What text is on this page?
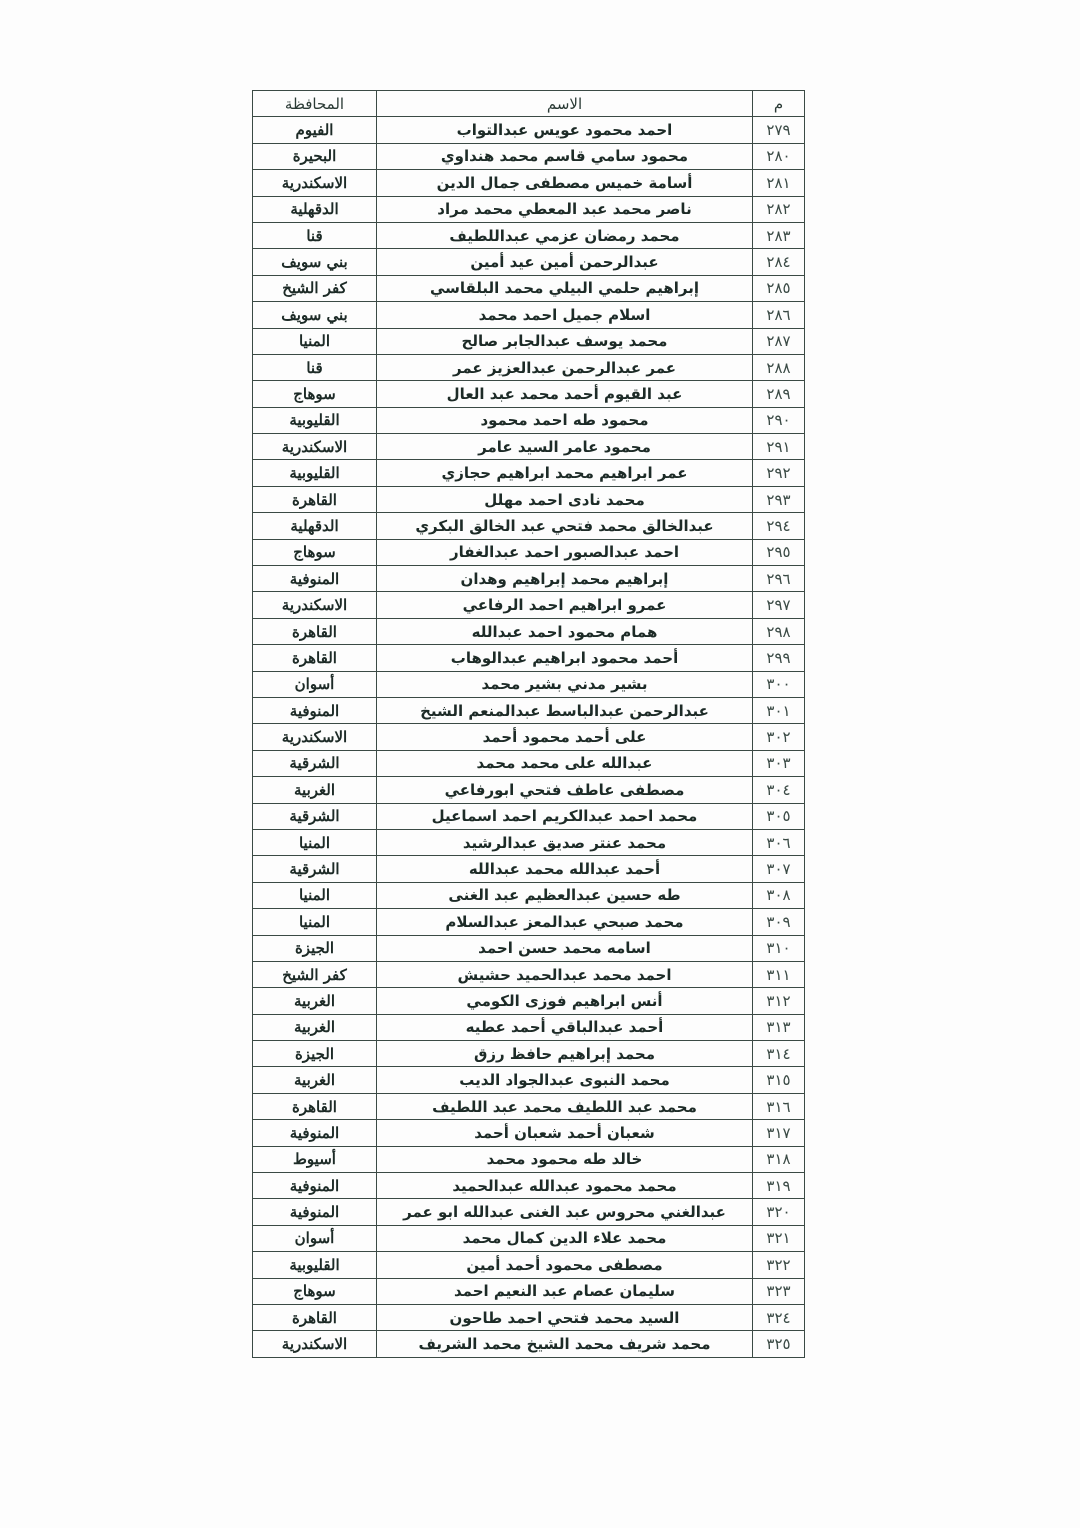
م	الاسم	المحافظة
٢٧٩	احمد محمود عويس عبدالتواب	الفيوم
٢٨٠	محمود سامي قاسم محمد هنداوي	البحيرة
٢٨١	أسامة خميس مصطفى جمال الدين	الاسكندرية
٢٨٢	ناصر محمد عبد المعطي محمد مراد	الدقهلية
٢٨٣	محمد رمضان عزمي عبداللطيف	قنا
٢٨٤	عبدالرحمن أمين عيد أمين	بني سويف
٢٨٥	إبراهيم حلمي البيلي محمد البلقاسي	كفر الشيخ
٢٨٦	اسلام جميل احمد محمد	بني سويف
٢٨٧	محمد يوسف عبدالجابر صالح	المنيا
٢٨٨	عمر عبدالرحمن عبدالعزيز عمر	قنا
٢٨٩	عبد القيوم أحمد محمد عبد العال	سوهاج
٢٩٠	محمود طه احمد محمود	القليوبية
٢٩١	محمود عامر السيد عامر	الاسكندرية
٢٩٢	عمر ابراهيم محمد ابراهيم حجازي	القليوبية
٢٩٣	محمد نادى احمد مهلل	القاهرة
٢٩٤	عبدالخالق محمد فتحي عبد الخالق البكري	الدقهلية
٢٩٥	احمد عبدالصبور احمد عبدالغفار	سوهاج
٢٩٦	إبراهيم محمد إبراهيم وهدان	المنوفية
٢٩٧	عمرو ابراهيم احمد الرفاعي	الاسكندرية
٢٩٨	همام محمود احمد عبدالله	القاهرة
٢٩٩	أحمد محمود ابراهيم عبدالوهاب	القاهرة
٣٠٠	بشير مدني بشير محمد	أسوان
٣٠١	عبدالرحمن عبدالباسط عبدالمنعم الشيخ	المنوفية
٣٠٢	على أحمد محمود أحمد	الاسكندرية
٣٠٣	عبدالله على محمد محمد	الشرقية
٣٠٤	مصطفى عاطف فتحي ابورفاعي	الغربية
٣٠٥	محمد احمد عبدالكريم احمد اسماعيل	الشرقية
٣٠٦	محمد عنتر صديق عبدالرشيد	المنيا
٣٠٧	أحمد عبدالله محمد عبدالله	الشرقية
٣٠٨	طه حسين عبدالعظيم عبد الغنى	المنيا
٣٠٩	محمد صبحي عبدالمعز عبدالسلام	المنيا
٣١٠	اسامه محمد حسن احمد	الجيزة
٣١١	احمد محمد عبدالحميد حشيش	كفر الشيخ
٣١٢	أنس ابراهيم فوزى الكومي	الغربية
٣١٣	أحمد عبدالباقي أحمد عطيه	الغربية
٣١٤	محمد إبراهيم حافظ رزق	الجيزة
٣١٥	محمد النبوى عبدالجواد الديب	الغربية
٣١٦	محمد عبد اللطيف محمد عبد اللطيف	القاهرة
٣١٧	شعبان أحمد شعبان أحمد	المنوفية
٣١٨	خالد طه محمود محمد	أسيوط
٣١٩	محمد محمود عبدالله عبدالحميد	المنوفية
٣٢٠	عبدالغني محروس عبد الغنى عبدالله ابو عمر	المنوفية
٣٢١	محمد علاء الدين كمال محمد	أسوان
٣٢٢	مصطفى محمود أحمد أمين	القليوبية
٣٢٣	سليمان عصام عبد النعيم احمد	سوهاج
٣٢٤	السيد محمد فتحي احمد طاحون	القاهرة
٣٢٥	محمد شريف محمد الشيخ محمد الشريف	الاسكندرية
